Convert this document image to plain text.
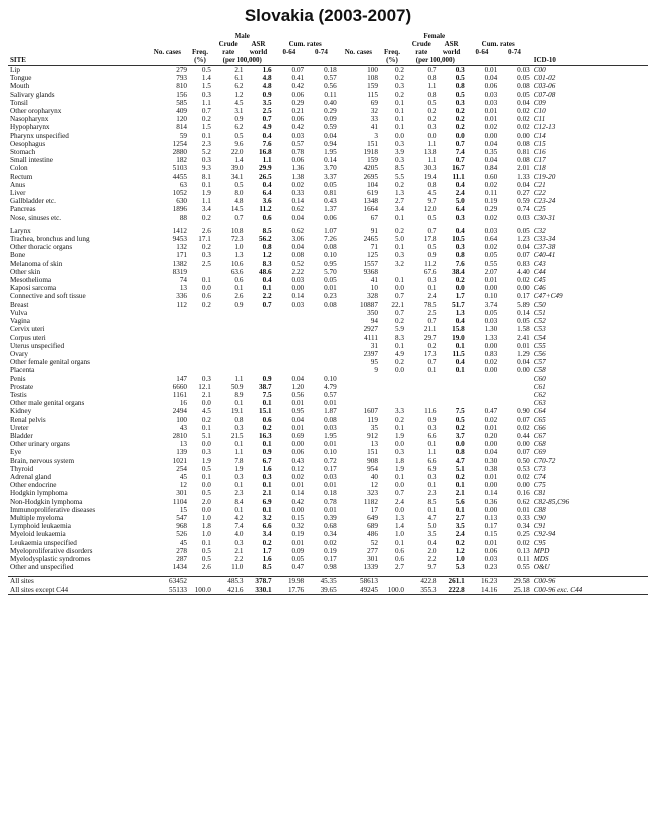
Slovakia (2003-2007)
	Male						Female						
			Crude	ASR	Cum. rates				Crude	ASR	Cum. rates		
	No. cases	Freq.	rate	world	0-64	0-74	No. cases	Freq.	rate	world	0-64	0-74	
SITE		(%)	(per 100,000)					(%)	(per 100,000)				ICD-10

Lip	279	0.5	2.1	1.6	0.07	0.18	100	0.2	0.7	0.3	0.01	0.03	C00
Tongue	793	1.4	6.1	4.8	0.41	0.57	108	0.2	0.8	0.5	0.04	0.05	C01-02
Mouth	810	1.5	6.2	4.8	0.42	0.56	159	0.3	1.1	0.8	0.06	0.08	C03-06
Salivary glands	156	0.3	1.2	0.9	0.06	0.11	115	0.2	0.8	0.5	0.03	0.05	C07-08
Tonsil	585	1.1	4.5	3.5	0.29	0.40	69	0.1	0.5	0.3	0.03	0.04	C09
Other oropharynx	409	0.7	3.1	2.5	0.21	0.29	32	0.1	0.2	0.2	0.01	0.02	C10
Nasopharynx	120	0.2	0.9	0.7	0.06	0.09	33	0.1	0.2	0.2	0.01	0.02	C11
Hypopharynx	814	1.5	6.2	4.9	0.42	0.59	41	0.1	0.3	0.2	0.02	0.02	C12-13
Pharynx unspecified	59	0.1	0.5	0.4	0.03	0.04	3	0.0	0.0	0.0	0.00	0.00	C14
Oesophagus	1254	2.3	9.6	7.6	0.57	0.94	151	0.3	1.1	0.7	0.04	0.08	C15
Stomach	2880	5.2	22.0	16.8	0.78	1.95	1918	3.9	13.8	7.4	0.35	0.81	C16
Small intestine	182	0.3	1.4	1.1	0.06	0.14	159	0.3	1.1	0.7	0.04	0.08	C17
Colon	5103	9.3	39.0	29.9	1.36	3.70	4205	8.5	30.3	16.7	0.84	2.01	C18
Rectum	4455	8.1	34.1	26.5	1.38	3.37	2695	5.5	19.4	11.1	0.60	1.33	C19-20
Anus	63	0.1	0.5	0.4	0.02	0.05	104	0.2	0.8	0.4	0.02	0.04	C21
Liver	1052	1.9	8.0	6.4	0.33	0.81	619	1.3	4.5	2.4	0.11	0.27	C22
Gallbladder etc.	630	1.1	4.8	3.6	0.14	0.43	1348	2.7	9.7	5.0	0.19	0.59	C23-24
Pancreas	1896	3.4	14.5	11.2	0.62	1.37	1664	3.4	12.0	6.4	0.29	0.74	C25
Nose, sinuses etc.	88	0.2	0.7	0.6	0.04	0.06	67	0.1	0.5	0.3	0.02	0.03	C30-31

Larynx	1412	2.6	10.8	8.5	0.62	1.07	91	0.2	0.7	0.4	0.03	0.05	C32
Trachea, bronchus and lung	9453	17.1	72.3	56.2	3.06	7.26	2465	5.0	17.8	10.5	0.64	1.23	C33-34
Other thoracic organs	132	0.2	1.0	0.8	0.04	0.08	71	0.1	0.5	0.3	0.02	0.04	C37-38
Bone	171	0.3	1.3	1.2	0.08	0.10	125	0.3	0.9	0.8	0.05	0.07	C40-41
Melanoma of skin	1382	2.5	10.6	8.3	0.52	0.95	1557	3.2	11.2	7.6	0.55	0.83	C43
Other skin	8319		63.6	48.6	2.22	5.70	9368		67.6	38.4	2.07	4.40	C44
Mesothelioma	74	0.1	0.6	0.4	0.03	0.05	41	0.1	0.3	0.2	0.01	0.02	C45
Kaposi sarcoma	13	0.0	0.1	0.1	0.00	0.01	10	0.0	0.1	0.0	0.00	0.00	C46
Connective and soft tissue	336	0.6	2.6	2.2	0.14	0.23	328	0.7	2.4	1.7	0.10	0.17	C47+C49
Breast	112	0.2	0.9	0.7	0.03	0.08	10887	22.1	78.5	51.7	3.74	5.89	C50
Vulva							350	0.7	2.5	1.3	0.05	0.14	C51
Vagina							94	0.2	0.7	0.4	0.03	0.05	C52
Cervix uteri							2927	5.9	21.1	15.8	1.30	1.58	C53
Corpus uteri							4111	8.3	29.7	19.0	1.33	2.41	C54
Uterus unspecified							31	0.1	0.2	0.1	0.00	0.01	C55
Ovary							2397	4.9	17.3	11.5	0.83	1.29	C56
Other female genital organs							95	0.2	0.7	0.4	0.02	0.04	C57
Placenta							9	0.0	0.1	0.1	0.00	0.00	C58
Penis	147	0.3	1.1	0.9	0.04	0.10							C60
Prostate	6660	12.1	50.9	38.7	1.20	4.79							C61
Testis	1161	2.1	8.9	7.5	0.56	0.57							C62
Other male genital organs	16	0.0	0.1	0.1	0.01	0.01							C63
Kidney	2494	4.5	19.1	15.1	0.95	1.87	1607	3.3	11.6	7.5	0.47	0.90	C64
Renal pelvis	100	0.2	0.8	0.6	0.04	0.08	119	0.2	0.9	0.5	0.02	0.07	C65
Ureter	43	0.1	0.3	0.2	0.01	0.03	35	0.1	0.3	0.2	0.01	0.02	C66
Bladder	2810	5.1	21.5	16.3	0.69	1.95	912	1.9	6.6	3.7	0.20	0.44	C67
Other urinary organs	13	0.0	0.1	0.1	0.00	0.01	13	0.0	0.1	0.0	0.00	0.00	C68
Eye	139	0.3	1.1	0.9	0.06	0.10	151	0.3	1.1	0.8	0.04	0.07	C69
Brain, nervous system	1021	1.9	7.8	6.7	0.43	0.72	908	1.8	6.6	4.7	0.30	0.50	C70-72
Thyroid	254	0.5	1.9	1.6	0.12	0.17	954	1.9	6.9	5.1	0.38	0.53	C73
Adrenal gland	45	0.1	0.3	0.3	0.02	0.03	40	0.1	0.3	0.2	0.01	0.02	C74
Other endocrine	12	0.0	0.1	0.1	0.01	0.01	12	0.0	0.1	0.1	0.00	0.00	C75
Hodgkin lymphoma	301	0.5	2.3	2.1	0.14	0.18	323	0.7	2.3	2.1	0.14	0.16	C81
Non-Hodgkin lymphoma	1104	2.0	8.4	6.9	0.42	0.78	1182	2.4	8.5	5.6	0.36	0.62	C82-85,C96
Immunoproliferative diseases	15	0.0	0.1	0.1	0.00	0.01	17	0.0	0.1	0.1	0.00	0.01	C88
Multiple myeloma	547	1.0	4.2	3.2	0.15	0.39	649	1.3	4.7	2.7	0.13	0.33	C90
Lymphoid leukaemia	968	1.8	7.4	6.6	0.32	0.68	689	1.4	5.0	3.5	0.17	0.34	C91
Myeloid leukaemia	526	1.0	4.0	3.4	0.19	0.34	486	1.0	3.5	2.4	0.15	0.25	C92-94
Leukaemia unspecified	45	0.1	0.3	0.2	0.01	0.02	52	0.1	0.4	0.2	0.01	0.02	C95
Myeloproliferative disorders	278	0.5	2.1	1.7	0.09	0.19	277	0.6	2.0	1.2	0.06	0.13	MPD
Myelodysplastic syndromes	287	0.5	2.2	1.6	0.05	0.17	301	0.6	2.2	1.0	0.03	0.11	MDS
Other and unspecified	1434	2.6	11.0	8.5	0.47	0.98	1339	2.7	9.7	5.3	0.23	0.55	O&U

All sites	63452		485.3	378.7	19.98	45.35	58613		422.8	261.1	16.23	29.58	C00-96
All sites except C44	55133	100.0	421.6	330.1	17.76	39.65	49245	100.0	355.3	222.8	14.16	25.18	C00-96 exc. C44
